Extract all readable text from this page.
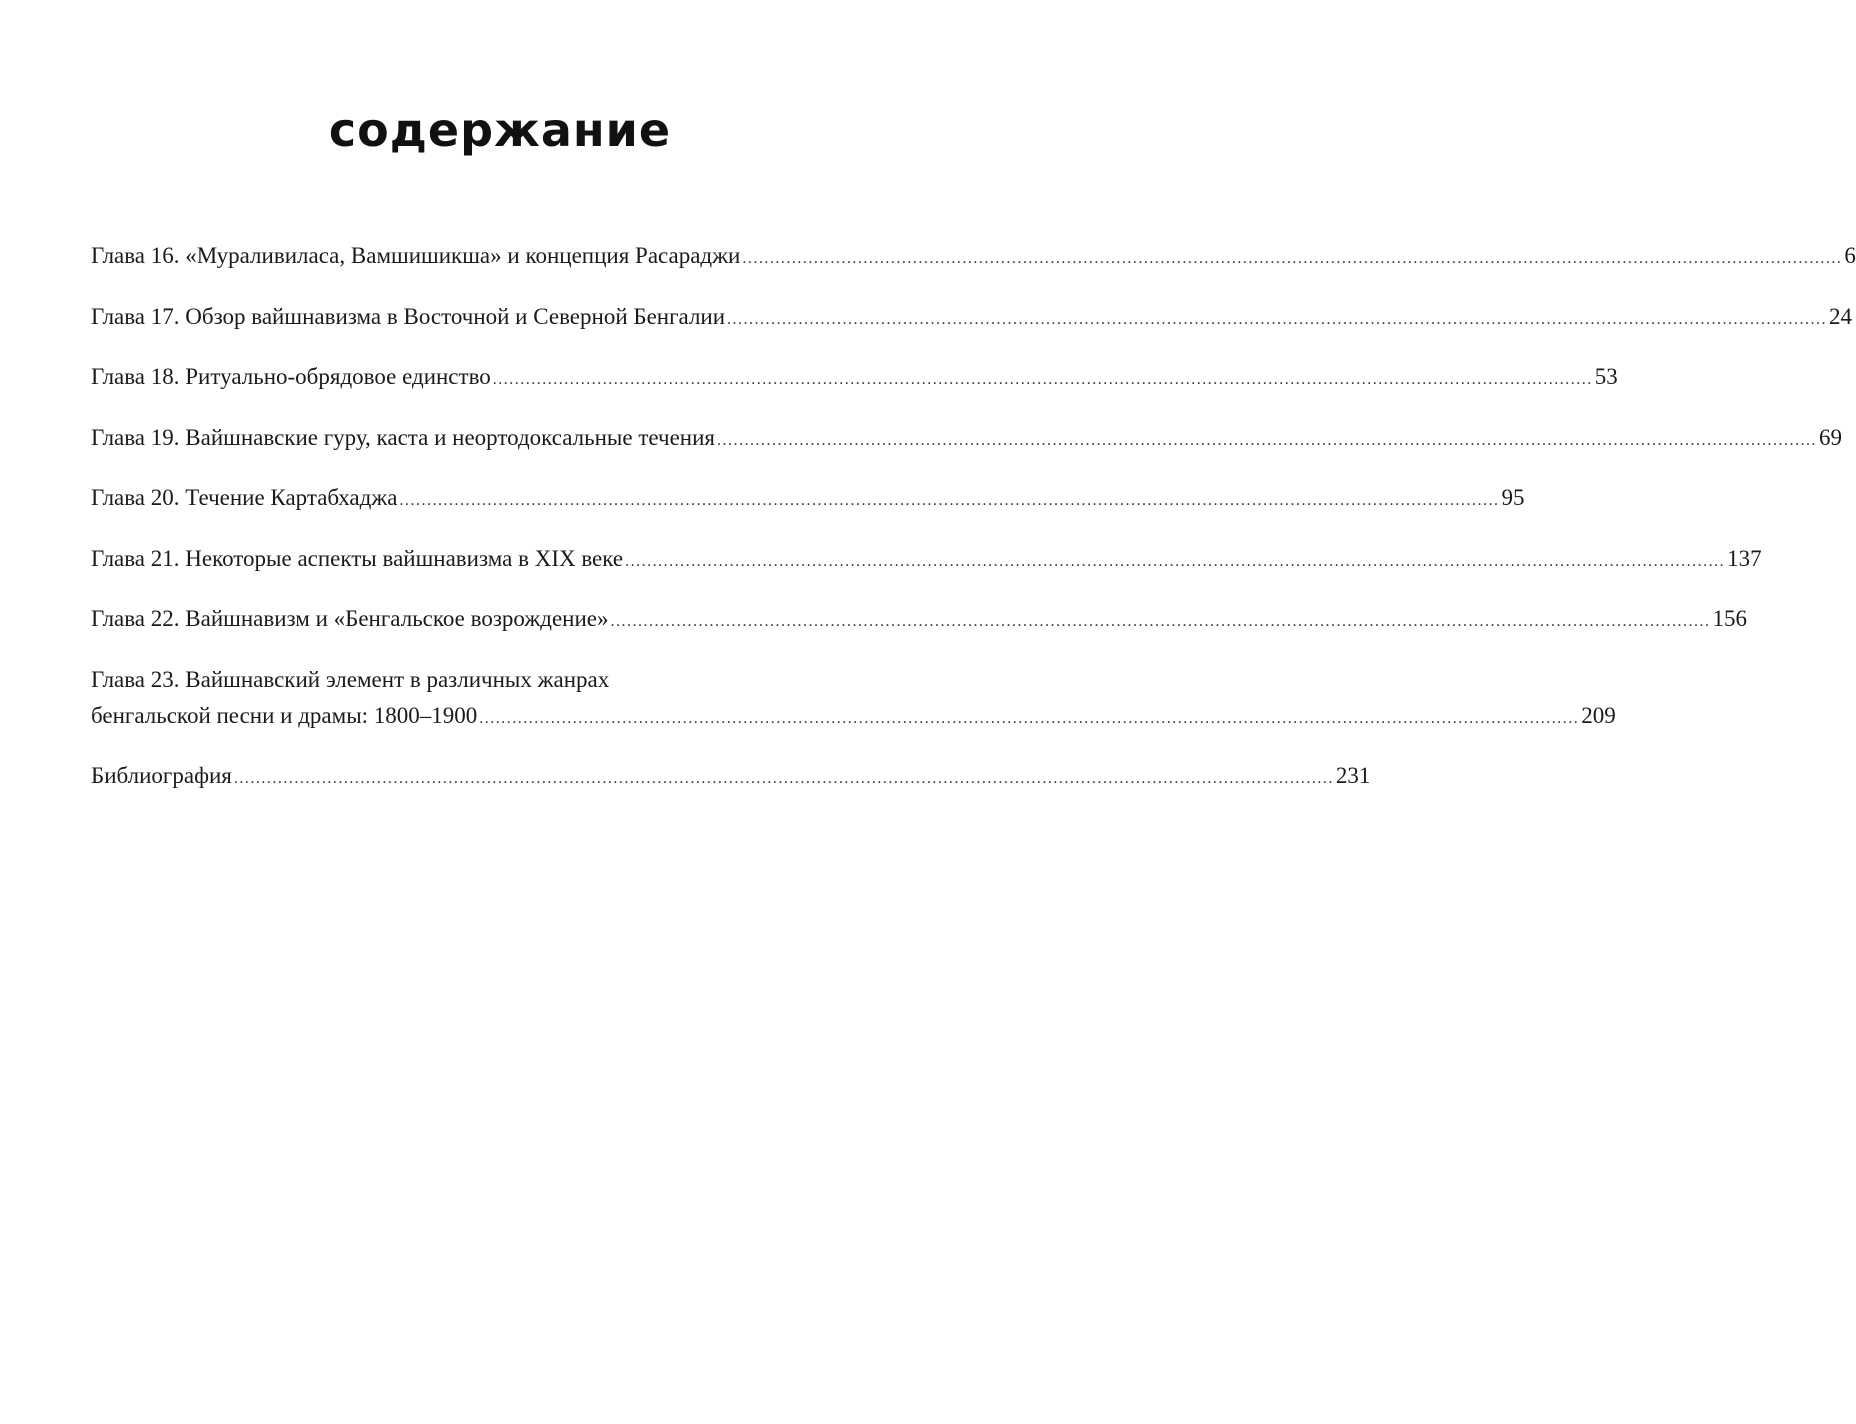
содержание
Глава 16. «Мураливиласа, Вамшишикша» и концепция Расараджи ........................................................................................................................................................................................................ 6
Глава 17. Обзор вайшнавизма в Восточной и Северной Бенгалии ........................................................................................................................................................................................................ 24
Глава 18. Ритуально-обрядовое единство ........................................................................................................................................................................................................ 53
Глава 19. Вайшнавские гуру, каста и неортодоксальные течения ........................................................................................................................................................................................................ 69
Глава 20. Течение Картабхаджа ........................................................................................................................................................................................................ 95
Глава 21. Некоторые аспекты вайшнавизма в XIX веке ........................................................................................................................................................................................................ 137
Глава 22. Вайшнавизм и «Бенгальское возрождение» ........................................................................................................................................................................................................ 156
Глава 23. Вайшнавский элемент в различных жанрах
бенгальской песни и драмы: 1800–1900 ........................................................................................................................................................................................................ 209
Библиография ........................................................................................................................................................................................................ 231
